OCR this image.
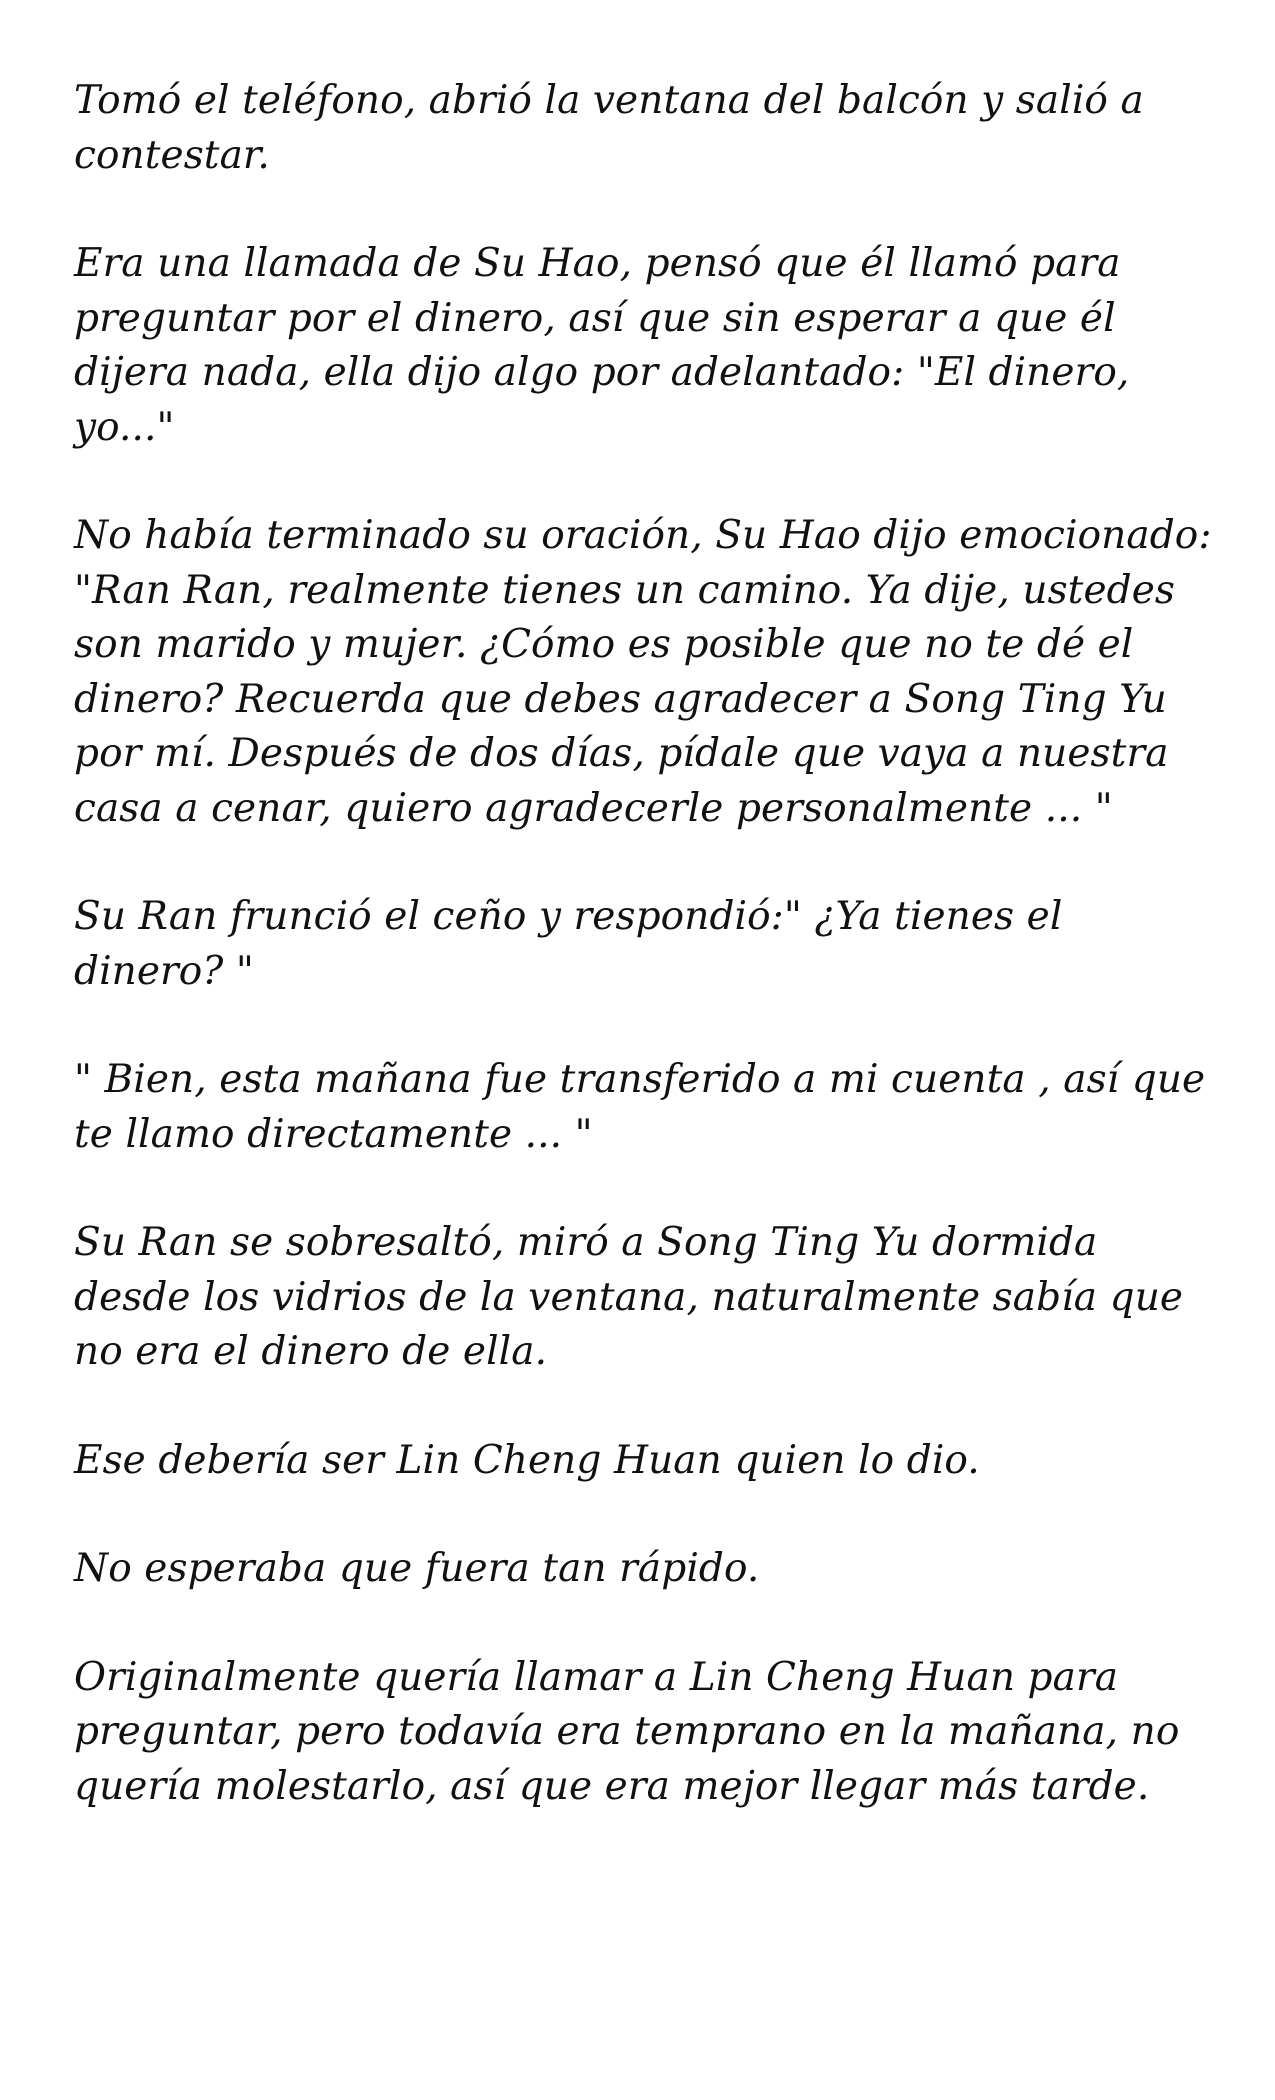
Tomó el teléfono, abrió la ventana del balcón y salió a contestar.

Era una llamada de Su Hao, pensó que él llamó para preguntar por el dinero, así que sin esperar a que él dijera nada, ella dijo algo por adelantado: "El dinero, yo..."

No había terminado su oración, Su Hao dijo emocionado: "Ran Ran, realmente tienes un camino. Ya dije, ustedes son marido y mujer. ¿Cómo es posible que no te dé el dinero? Recuerda que debes agradecer a Song Ting Yu por mí. Después de dos días, pídale que vaya a nuestra casa a cenar, quiero agradecerle personalmente ... "

Su Ran frunció el ceño y respondió:" ¿Ya tienes el dinero? "

" Bien, esta mañana fue transferido a mi cuenta , así que te llamo directamente ... "

Su Ran se sobresaltó, miró a Song Ting Yu dormida desde los vidrios de la ventana, naturalmente sabía que no era el dinero de ella.

Ese debería ser Lin Cheng Huan quien lo dio.

No esperaba que fuera tan rápido.

Originalmente quería llamar a Lin Cheng Huan para preguntar, pero todavía era temprano en la mañana, no quería molestarlo, así que era mejor llegar más tarde.
